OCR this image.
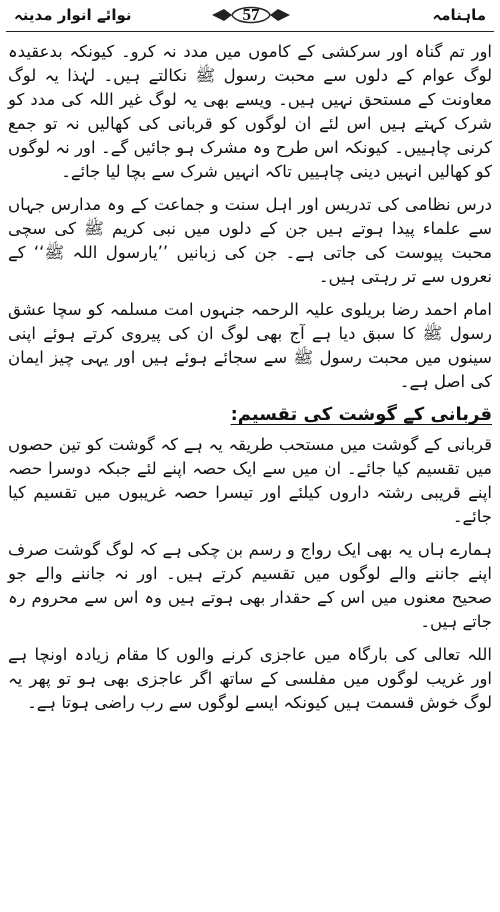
ماہنامہ
57
نوائے انوار مدینہ

اور تم گناہ اور سرکشی کے کاموں میں مدد نہ کرو۔ کیونکہ بدعقیدہ لوگ عوام کے دلوں سے محبت رسول ﷺ نکالتے ہیں۔ لہٰذا یہ لوگ معاونت کے مستحق نہیں ہیں۔ ویسے بھی یہ لوگ غیر اللہ کی مدد کو شرک کہتے ہیں اس لئے ان لوگوں کو قربانی کی کھالیں نہ تو جمع کرنی چاہییں۔ کیونکہ اس طرح وہ مشرک ہو جائیں گے۔ اور نہ لوگوں کو کھالیں انہیں دینی چاہییں تاکہ انہیں شرک سے بچا لیا جائے۔

درس نظامی کی تدریس اور اہل سنت و جماعت کے وہ مدارس جہاں سے علماء پیدا ہوتے ہیں جن کے دلوں میں نبی کریم ﷺ کی سچی محبت پیوست کی جاتی ہے۔ جن کی زبانیں ’’یارسول اللہ ﷺ‘‘ کے نعروں سے تر رہتی ہیں۔

امام احمد رضا بریلوی علیہ الرحمہ جنہوں امت مسلمہ کو سچا عشق رسول ﷺ کا سبق دیا ہے آج بھی لوگ ان کی پیروی کرتے ہوئے اپنی سینوں میں محبت رسول ﷺ سے سجائے ہوئے ہیں اور یہی چیز ایمان کی اصل ہے۔

قربانی کے گوشت کی تقسیم:

قربانی کے گوشت میں مستحب طریقہ یہ ہے کہ گوشت کو تین حصوں میں تقسیم کیا جائے۔ ان میں سے ایک حصہ اپنے لئے جبکہ دوسرا حصہ اپنے قریبی رشتہ داروں کیلئے اور تیسرا حصہ غریبوں میں تقسیم کیا جائے۔

ہمارے ہاں یہ بھی ایک رواج و رسم بن چکی ہے کہ لوگ گوشت صرف اپنے جاننے والے لوگوں میں تقسیم کرتے ہیں۔ اور نہ جاننے والے جو صحیح معنوں میں اس کے حقدار بھی ہوتے ہیں وہ اس سے محروم رہ جاتے ہیں۔

اللہ تعالی کی بارگاہ میں عاجزی کرنے والوں کا مقام زیادہ اونچا ہے اور غریب لوگوں میں مفلسی کے ساتھ اگر عاجزی بھی ہو تو پھر یہ لوگ خوش قسمت ہیں کیونکہ ایسے لوگوں سے رب راضی ہوتا ہے۔
